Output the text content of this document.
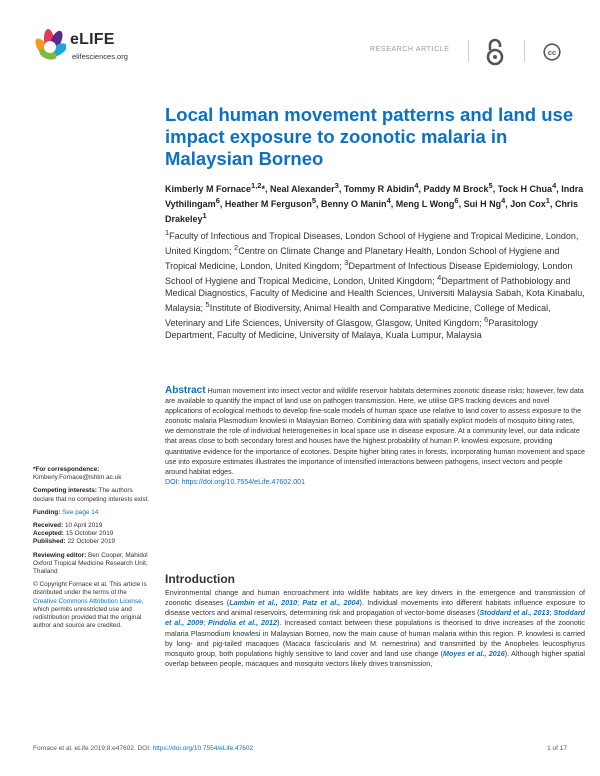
eLIFE
elifesciences.org
RESEARCH ARTICLE	cc
Local human movement patterns and land use impact exposure to zoonotic malaria in Malaysian Borneo
Kimberly M Fornace$^{1,2}$*, Neal Alexander$^3$, Tommy R Abidin$^4$, Paddy M Brock$^5$, Tock H Chua$^4$, Indra Vythilingam$^6$, Heather M Ferguson$^5$, Benny O Manin$^4$, Meng L Wong$^6$, Sui H Ng$^4$, Jon Cox$^1$, Chris Drakeley$^1$
$^1$Faculty of Infectious and Tropical Diseases, London School of Hygiene and Tropical Medicine, London, United Kingdom; $^2$Centre on Climate Change and Planetary Health, London School of Hygiene and Tropical Medicine, London, United Kingdom; $^3$Department of Infectious Disease Epidemiology, London School of Hygiene and Tropical Medicine, London, United Kingdom; $^4$Department of Pathobiology and Medical Diagnostics, Faculty of Medicine and Health Sciences, Universiti Malaysia Sabah, Kota Kinabalu, Malaysia; $^5$Institute of Biodiversity, Animal Health and Comparative Medicine, College of Medical, Veterinary and Life Sciences, University of Glasgow, Glasgow, United Kingdom; $^6$Parasitology Department, Faculty of Medicine, University of Malaya, Kuala Lumpur, Malaysia
Abstract Human movement into insect vector and wildlife reservoir habitats determines zoonotic disease risks; however, few data are available to quantify the impact of land use on pathogen transmission. Here, we utilise GPS tracking devices and novel applications of ecological methods to develop fine-scale models of human space use relative to land cover to assess exposure to the zoonotic malaria Plasmodium knowlesi in Malaysian Borneo. Combining data with spatially explicit models of mosquito biting rates, we demonstrate the role of individual heterogeneities in local space use in disease exposure. At a community level, our data indicate that areas close to both secondary forest and houses have the highest probability of human P. knowlesi exposure, providing quantitative evidence for the importance of ecotones. Despite higher biting rates in forests, incorporating human movement and space use into exposure estimates illustrates the importance of intensified interactions between pathogens, insect vectors and people around habitat edges.
DOI: https://doi.org/10.7554/eLife.47602.001
*For correspondence:
Kimberly.Fornace@lshtm.ac.uk
Competing interests: The authors declare that no competing interests exist.
Funding: See page 14
Received: 10 April 2019
Accepted: 15 October 2019
Published: 22 October 2019
Reviewing editor: Ben Cooper, Mahidol Oxford Tropical Medicine Research Unit, Thailand
© Copyright Fornace et al. This article is distributed under the terms of the Creative Commons Attribution License, which permits unrestricted use and redistribution provided that the original author and source are credited.
Introduction
Environmental change and human encroachment into wildlife habitats are key drivers in the emergence and transmission of zoonotic diseases (Lambin et al., 2010; Patz et al., 2004). Individual movements into different habitats influence exposure to disease vectors and animal reservoirs, determining risk and propagation of vector-borne diseases (Stoddard et al., 2013; Stoddard et al., 2009; Pindolia et al., 2012). Increased contact between these populations is theorised to drive increases of the zoonotic malaria Plasmodium knowlesi in Malaysian Borneo, now the main cause of human malaria within this region. P. knowlesi is carried by long- and pig-tailed macaques (Macaca fascicularis and M. nemestrina) and transmitted by the Anopheles leucosphyrus mosquito group, both populations highly sensitive to land cover and land use change (Moyes et al., 2016). Although higher spatial overlap between people, macaques and mosquito vectors likely drives transmission,
Fornace et al. eLife 2019;8:e47602. DOI: https://doi.org/10.7554/eLife.47602	1 of 17
